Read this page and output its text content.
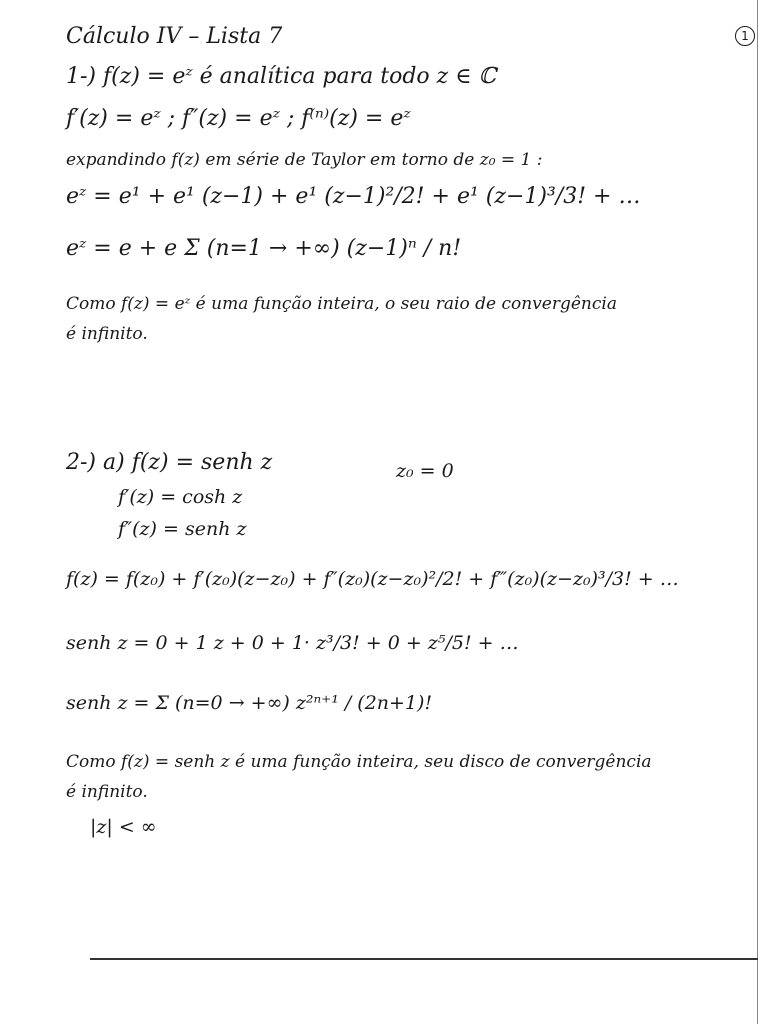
Cálculo IV – Lista 7	1
1-) f(z) = eᶻ é analítica para todo z ∈ ℂ
f′(z) = eᶻ ; f″(z) = eᶻ ; f⁽ⁿ⁾(z) = eᶻ
expandindo f(z) em série de Taylor em torno de z₀ = 1 :
eᶻ = e¹ + e¹ (z−1) + e¹ (z−1)²/2! + e¹ (z−1)³/3! + …
eᶻ = e + e Σ (n=1 → +∞) (z−1)ⁿ / n!
Como f(z) = eᶻ é uma função inteira, o seu raio de convergência
é infinito.
2-) a) f(z) = senh z	z₀ = 0
f′(z) = cosh z
f″(z) = senh z
f(z) = f(z₀) + f′(z₀)(z−z₀) + f″(z₀)(z−z₀)²/2! + f‴(z₀)(z−z₀)³/3! + …
senh z = 0 + 1 z + 0 + 1· z³/3! + 0 + z⁵/5! + …
senh z = Σ (n=0 → +∞) z²ⁿ⁺¹ / (2n+1)!
Como f(z) = senh z é uma função inteira, seu disco de convergência
é infinito.
|z| < ∞
